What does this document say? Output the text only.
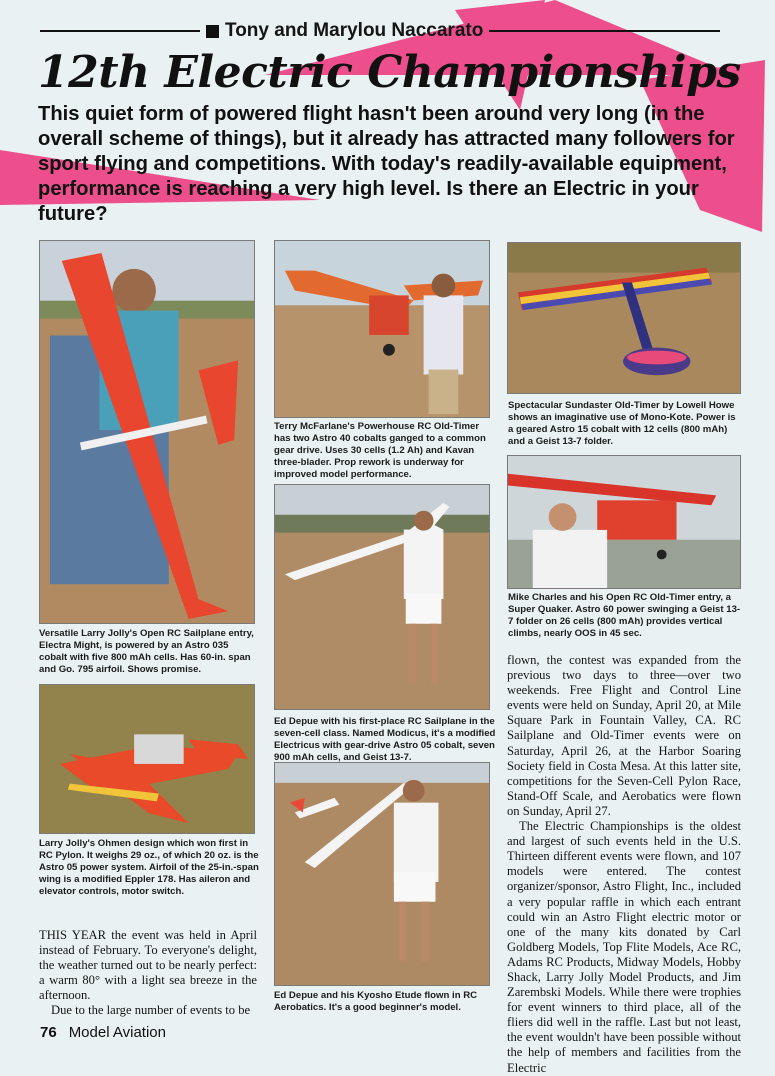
Tony and Marylou Naccarato
12th Electric Championships
This quiet form of powered flight hasn't been around very long (in the overall scheme of things), but it already has attracted many followers for sport flying and competitions. With today's readily-available equipment, performance is reaching a very high level. Is there an Electric in your future?
Versatile Larry Jolly's Open RC Sailplane entry, Electra Might, is powered by an Astro 035 cobalt with five 800 mAh cells. Has 60-in. span and Go. 795 airfoil. Shows promise.
Terry McFarlane's Powerhouse RC Old-Timer has two Astro 40 cobalts ganged to a common gear drive. Uses 30 cells (1.2 Ah) and Kavan three-blader. Prop rework is underway for improved model performance.
Spectacular Sundaster Old-Timer by Lowell Howe shows an imaginative use of Mono-Kote. Power is a geared Astro 15 cobalt with 12 cells (800 mAh) and a Geist 13-7 folder.
Mike Charles and his Open RC Old-Timer entry, a Super Quaker. Astro 60 power swinging a Geist 13-7 folder on 26 cells (800 mAh) provides vertical climbs, nearly OOS in 45 sec.
Ed Depue with his first-place RC Sailplane in the seven-cell class. Named Modicus, it's a modified Electricus with gear-drive Astro 05 cobalt, seven 900 mAh cells, and Geist 13-7.
Larry Jolly's Ohmen design which won first in RC Pylon. It weighs 29 oz., of which 20 oz. is the Astro 05 power system. Airfoil of the 25-in.-span wing is a modified Eppler 178. Has aileron and elevator controls, motor switch.
Ed Depue and his Kyosho Etude flown in RC Aerobatics. It's a good beginner's model.

THIS YEAR the event was held in April instead of February. To everyone's delight, the weather turned out to be nearly perfect: a warm 80° with a light sea breeze in the afternoon.

Due to the large number of events to be

flown, the contest was expanded from the previous two days to three—over two weekends. Free Flight and Control Line events were held on Sunday, April 20, at Mile Square Park in Fountain Valley, CA. RC Sailplane and Old-Timer events were on Saturday, April 26, at the Harbor Soaring Society field in Costa Mesa. At this latter site, competitions for the Seven-Cell Pylon Race, Stand-Off Scale, and Aerobatics were flown on Sunday, April 27.

The Electric Championships is the oldest and largest of such events held in the U.S. Thirteen different events were flown, and 107 models were entered. The contest organizer/sponsor, Astro Flight, Inc., included a very popular raffle in which each entrant could win an Astro Flight electric motor or one of the many kits donated by Carl Goldberg Models, Top Flite Models, Ace RC, Adams RC Products, Midway Models, Hobby Shack, Larry Jolly Model Products, and Jim Zarembski Models. While there were trophies for event winners to third place, all of the fliers did well in the raffle. Last but not least, the event wouldn't have been possible without the help of members and facilities from the Electric

76 Model Aviation
